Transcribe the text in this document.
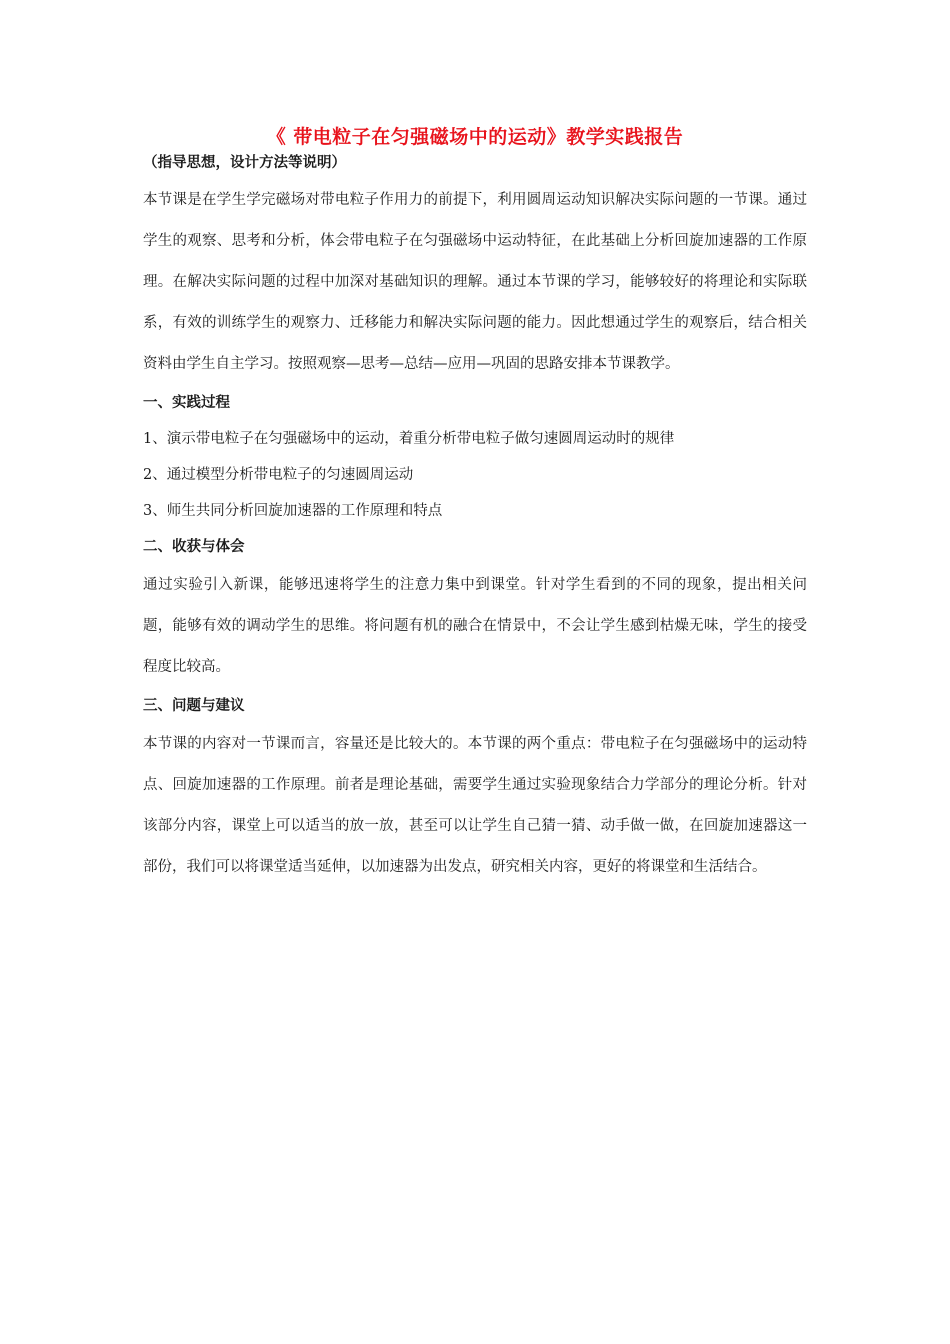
《 带电粒子在匀强磁场中的运动》教学实践报告

（指导思想，设计方法等说明）

本节课是在学生学完磁场对带电粒子作用力的前提下，利用圆周运动知识解决实际问题的一节课。通过学生的观察、思考和分析，体会带电粒子在匀强磁场中运动特征，在此基础上分析回旋加速器的工作原理。在解决实际问题的过程中加深对基础知识的理解。通过本节课的学习，能够较好的将理论和实际联系，有效的训练学生的观察力、迁移能力和解决实际问题的能力。因此想通过学生的观察后，结合相关资料由学生自主学习。按照观察—思考—总结—应用—巩固的思路安排本节课教学。

一、实践过程

1、演示带电粒子在匀强磁场中的运动，着重分析带电粒子做匀速圆周运动时的规律

2、通过模型分析带电粒子的匀速圆周运动

3、师生共同分析回旋加速器的工作原理和特点

二、收获与体会

通过实验引入新课，能够迅速将学生的注意力集中到课堂。针对学生看到的不同的现象，提出相关问题，能够有效的调动学生的思维。将问题有机的融合在情景中，不会让学生感到枯燥无味，学生的接受程度比较高。

三、问题与建议

本节课的内容对一节课而言，容量还是比较大的。本节课的两个重点：带电粒子在匀强磁场中的运动特点、回旋加速器的工作原理。前者是理论基础，需要学生通过实验现象结合力学部分的理论分析。针对该部分内容，课堂上可以适当的放一放，甚至可以让学生自己猜一猜、动手做一做，在回旋加速器这一部份，我们可以将课堂适当延伸，以加速器为出发点，研究相关内容，更好的将课堂和生活结合。
